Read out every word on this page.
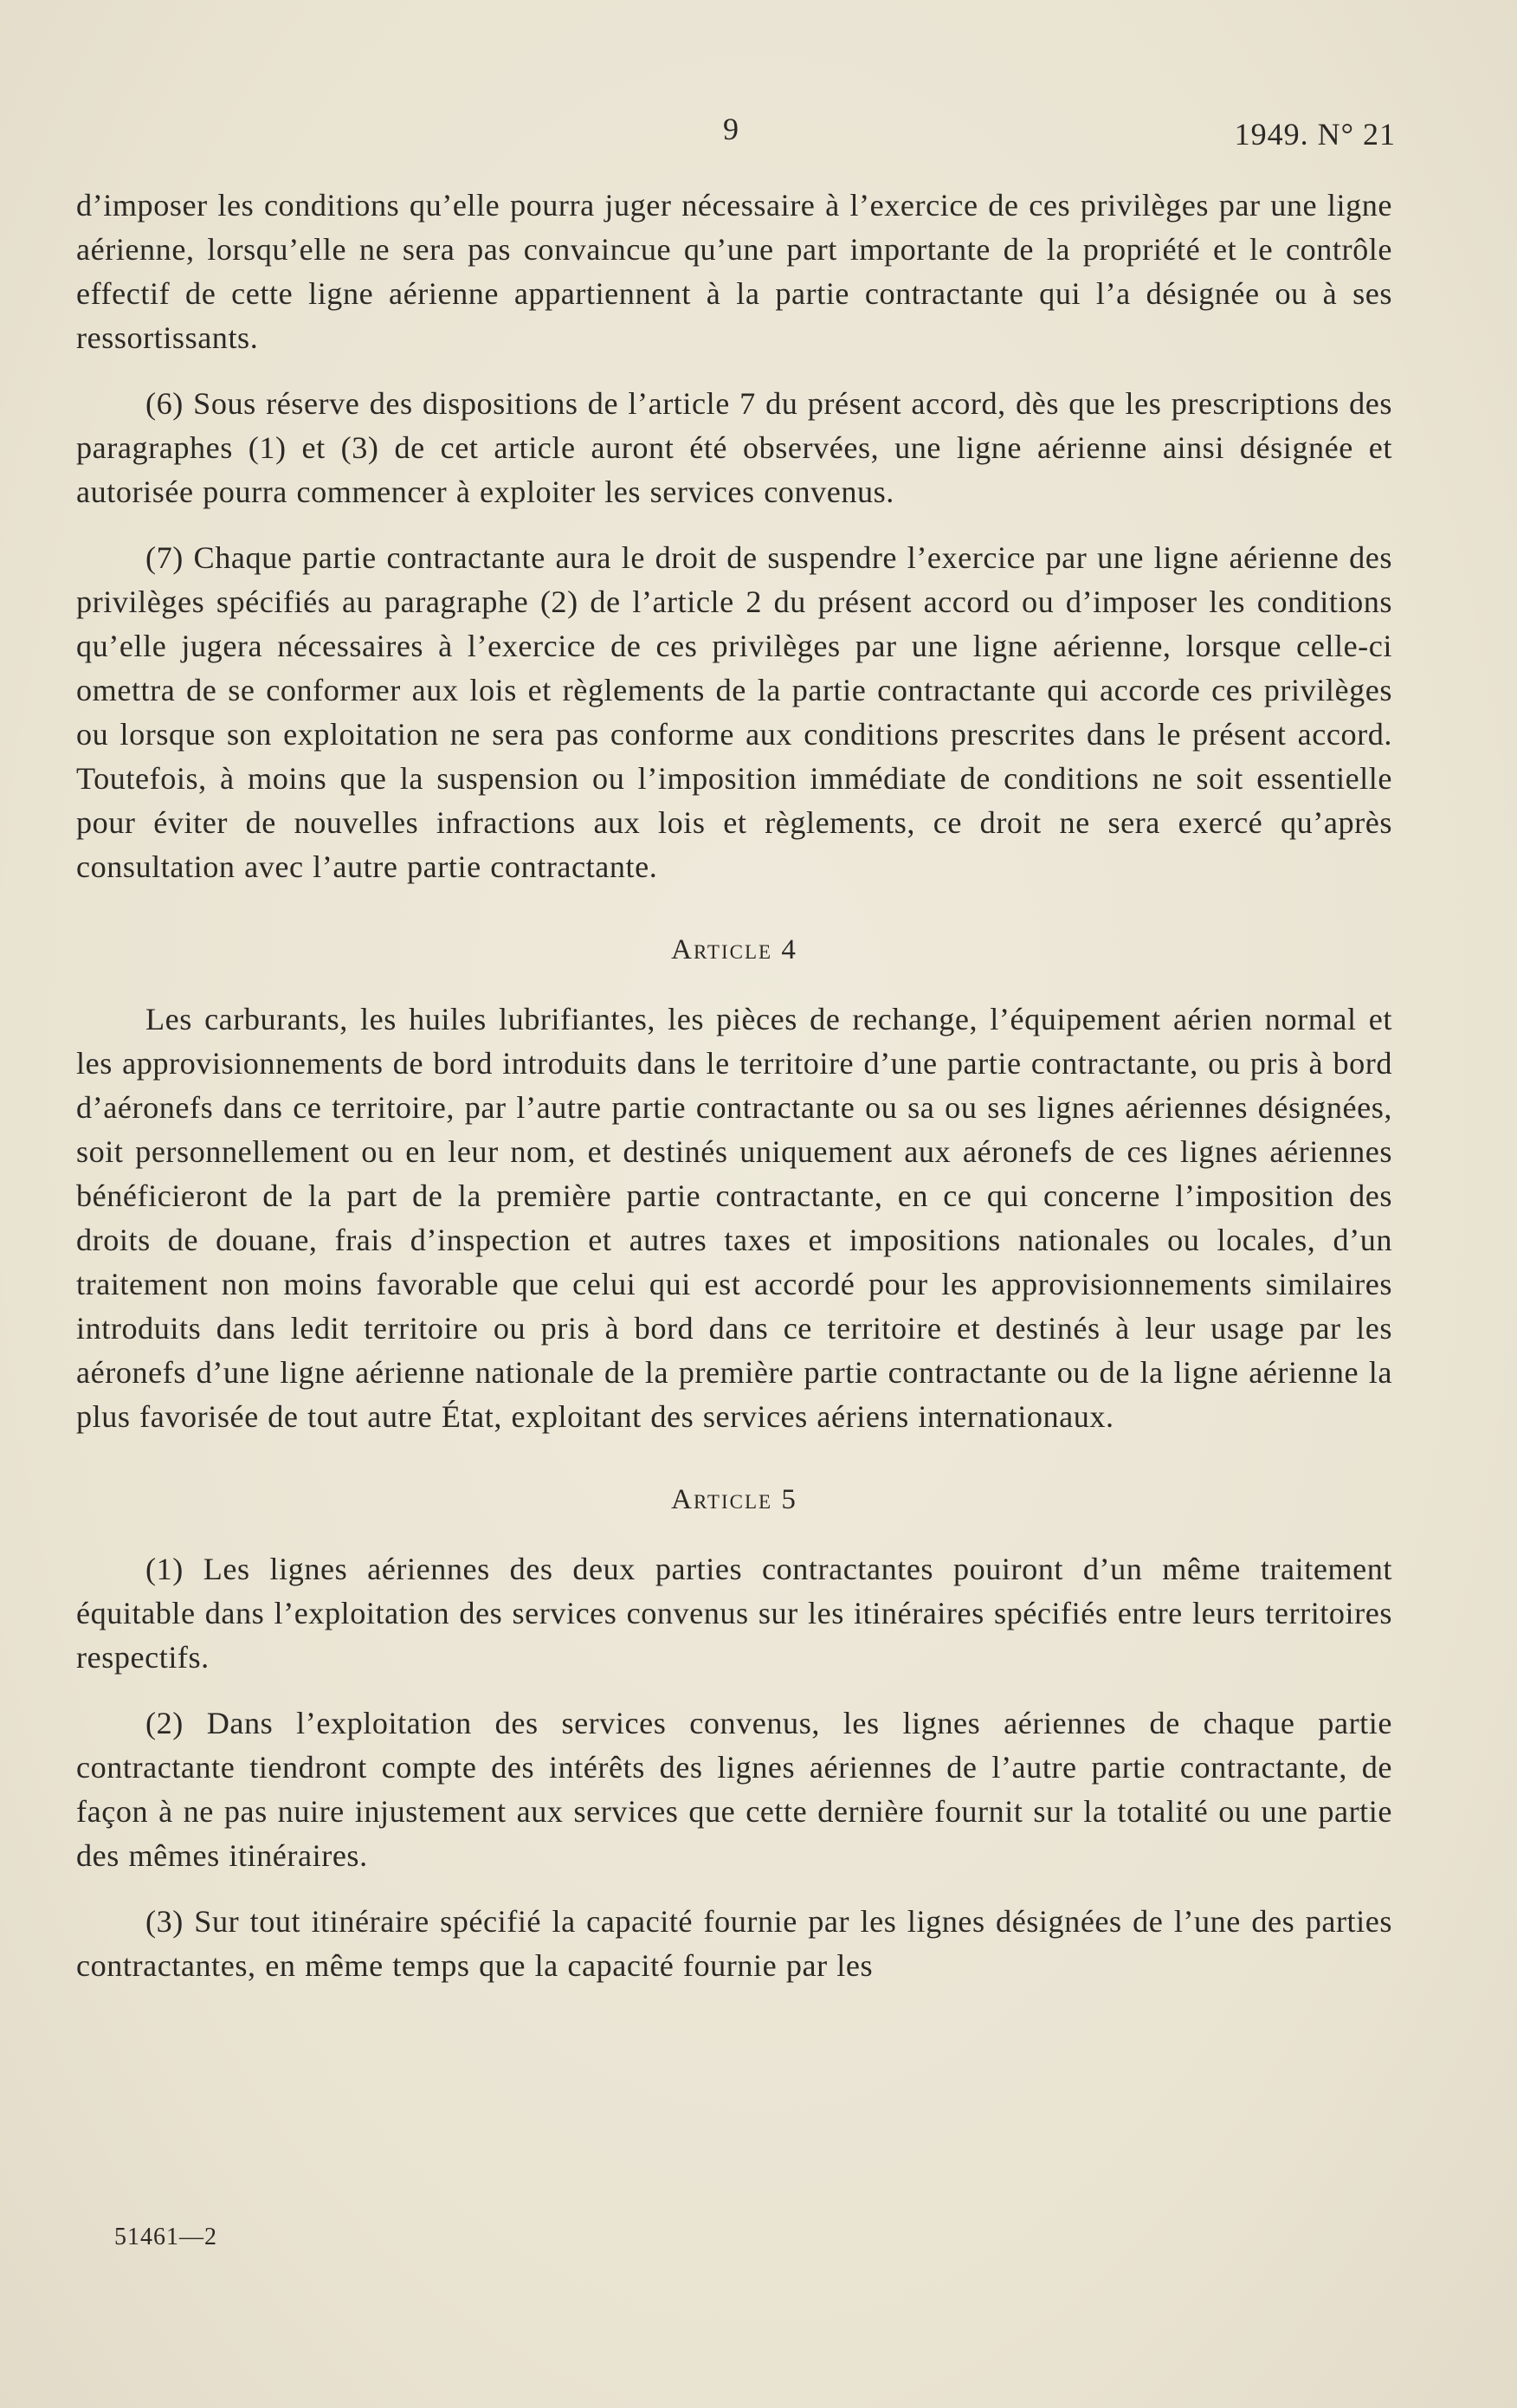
9	1949. N° 21

d’imposer les conditions qu’elle pourra juger nécessaire à l’exercice de ces privilèges par une ligne aérienne, lorsqu’elle ne sera pas convaincue qu’une part importante de la propriété et le contrôle effectif de cette ligne aérienne appartiennent à la partie contractante qui l’a désignée ou à ses ressortissants.

(6) Sous réserve des dispositions de l’article 7 du présent accord, dès que les prescriptions des paragraphes (1) et (3) de cet article auront été observées, une ligne aérienne ainsi désignée et autorisée pourra commencer à exploiter les services convenus.

(7) Chaque partie contractante aura le droit de suspendre l’exercice par une ligne aérienne des privilèges spécifiés au paragraphe (2) de l’article 2 du présent accord ou d’imposer les conditions qu’elle jugera nécessaires à l’exercice de ces privilèges par une ligne aérienne, lorsque celle-ci omettra de se conformer aux lois et règlements de la partie contractante qui accorde ces privilèges ou lorsque son exploitation ne sera pas conforme aux conditions prescrites dans le présent accord. Toutefois, à moins que la suspension ou l’imposition immédiate de conditions ne soit essentielle pour éviter de nouvelles infractions aux lois et règlements, ce droit ne sera exercé qu’après consultation avec l’autre partie contractante.

Article 4

Les carburants, les huiles lubrifiantes, les pièces de rechange, l’équipement aérien normal et les approvisionnements de bord introduits dans le territoire d’une partie contractante, ou pris à bord d’aéronefs dans ce territoire, par l’autre partie contractante ou sa ou ses lignes aériennes désignées, soit personnellement ou en leur nom, et destinés uniquement aux aéronefs de ces lignes aériennes bénéficieront de la part de la première partie contractante, en ce qui concerne l’imposition des droits de douane, frais d’inspection et autres taxes et impositions nationales ou locales, d’un traitement non moins favorable que celui qui est accordé pour les approvisionnements similaires introduits dans ledit territoire ou pris à bord dans ce territoire et destinés à leur usage par les aéronefs d’une ligne aérienne nationale de la première partie contractante ou de la ligne aérienne la plus favorisée de tout autre État, exploitant des services aériens internationaux.

Article 5

(1) Les lignes aériennes des deux parties contractantes pouiront d’un même traitement équitable dans l’exploitation des services convenus sur les itinéraires spécifiés entre leurs territoires respectifs.

(2) Dans l’exploitation des services convenus, les lignes aériennes de chaque partie contractante tiendront compte des intérêts des lignes aériennes de l’autre partie contractante, de façon à ne pas nuire injustement aux services que cette dernière fournit sur la totalité ou une partie des mêmes itinéraires.

(3) Sur tout itinéraire spécifié la capacité fournie par les lignes désignées de l’une des parties contractantes, en même temps que la capacité fournie par les

51461—2
